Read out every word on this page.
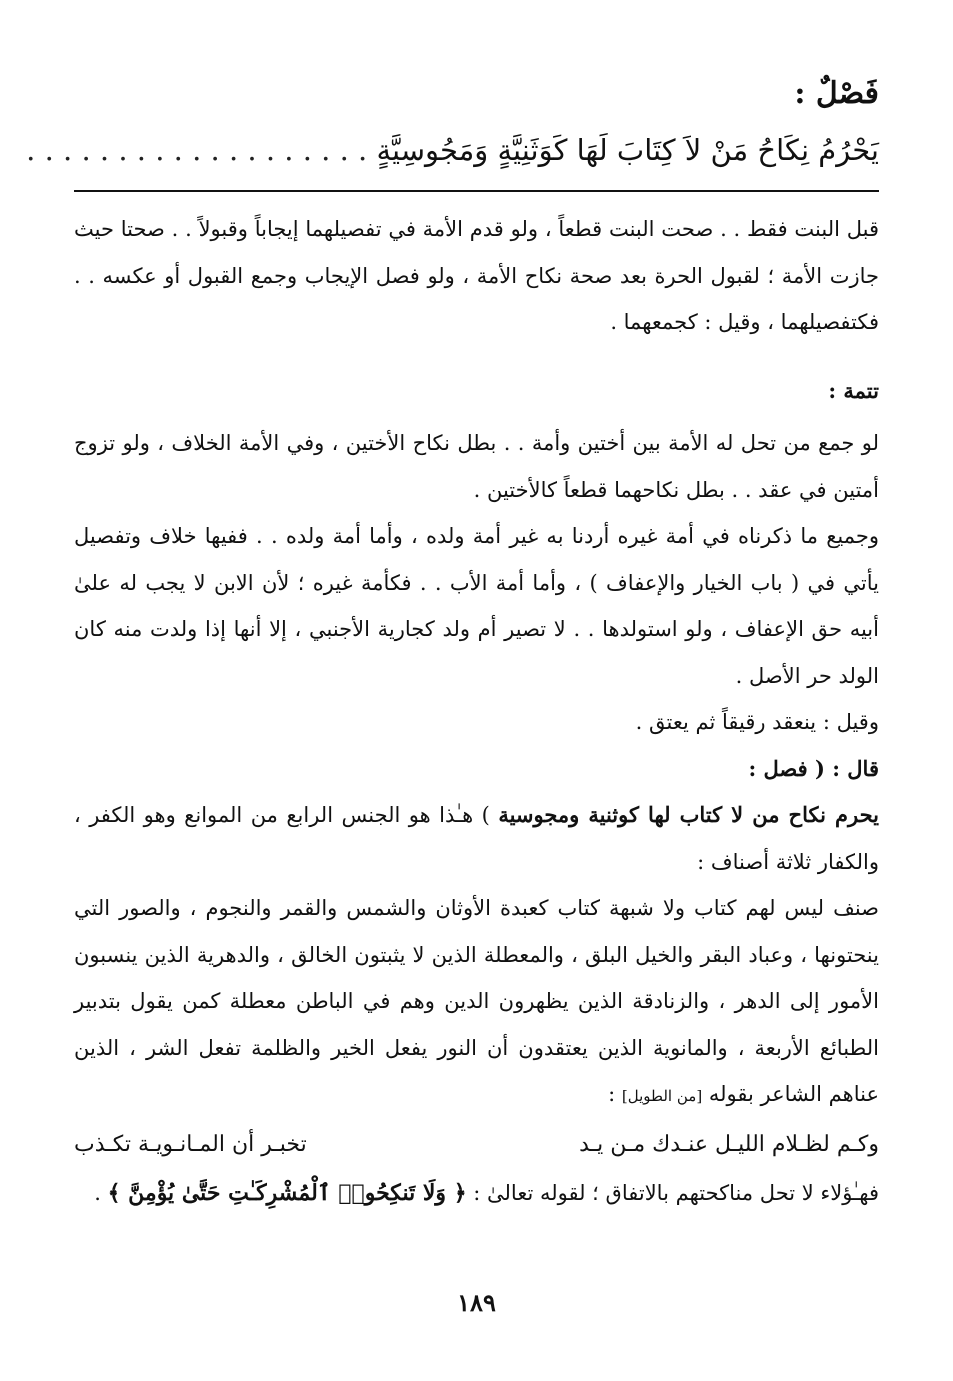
فَصْلٌ :
يَحْرُمُ نِكَاحُ مَنْ لاَ كِتَابَ لَهَا كَوَثَنِيَّةٍ وَمَجُوسِيَّةٍ . . . . . . . . . . . . . . . . . . .

قبل البنت فقط . . صحت البنت قطعاً ، ولو قدم الأمة في تفصيلهما إيجاباً وقبولاً . . صحتا حيث جازت الأمة ؛ لقبول الحرة بعد صحة نكاح الأمة ، ولو فصل الإيجاب وجمع القبول أو عكسه . . فكتفصيلهما ، وقيل : كجمعهما .

تتمة :

لو جمع من تحل له الأمة بين أختين وأمة . . بطل نكاح الأختين ، وفي الأمة الخلاف ، ولو تزوج أمتين في عقد . . بطل نكاحهما قطعاً كالأختين .

وجميع ما ذكرناه في أمة غيره أردنا به غير أمة ولده ، وأما أمة ولده . . ففيها خلاف وتفصيل يأتي في ( باب الخيار والإعفاف ) ، وأما أمة الأب . . فكأمة غيره ؛ لأن الابن لا يجب له علىٰ أبيه حق الإعفاف ، ولو استولدها . . لا تصير أم ولد كجارية الأجنبي ، إلا أنها إذا ولدت منه كان الولد حر الأصل .

وقيل : ينعقد رقيقاً ثم يعتق .

قال : ( فصل :

يحرم نكاح من لا كتاب لها كوثنية ومجوسية ) هـٰذا هو الجنس الرابع من الموانع وهو الكفر ، والكفار ثلاثة أصناف :

صنف ليس لهم كتاب ولا شبهة كتاب كعبدة الأوثان والشمس والقمر والنجوم ، والصور التي ينحتونها ، وعباد البقر والخيل البلق ، والمعطلة الذين لا يثبتون الخالق ، والدهرية الذين ينسبون الأمور إلى الدهر ، والزنادقة الذين يظهرون الدين وهم في الباطن معطلة كمن يقول بتدبير الطبائع الأربعة ، والمانوية الذين يعتقدون أن النور يفعل الخير والظلمة تفعل الشر ، الذين عناهم الشاعر بقوله [من الطويل] :

وكـم لظـلام الليـل عنـدك مـن يـد
تخبـر أن المـانـويـة تكـذب

فهـٰؤلاء لا تحل مناكحتهم بالاتفاق ؛ لقوله تعالىٰ : ﴿ وَلَا تَنكِحُوا۟ ٱلْمُشْرِكَـٰتِ حَتَّىٰ يُؤْمِنَّ ﴾ .

١٨٩
